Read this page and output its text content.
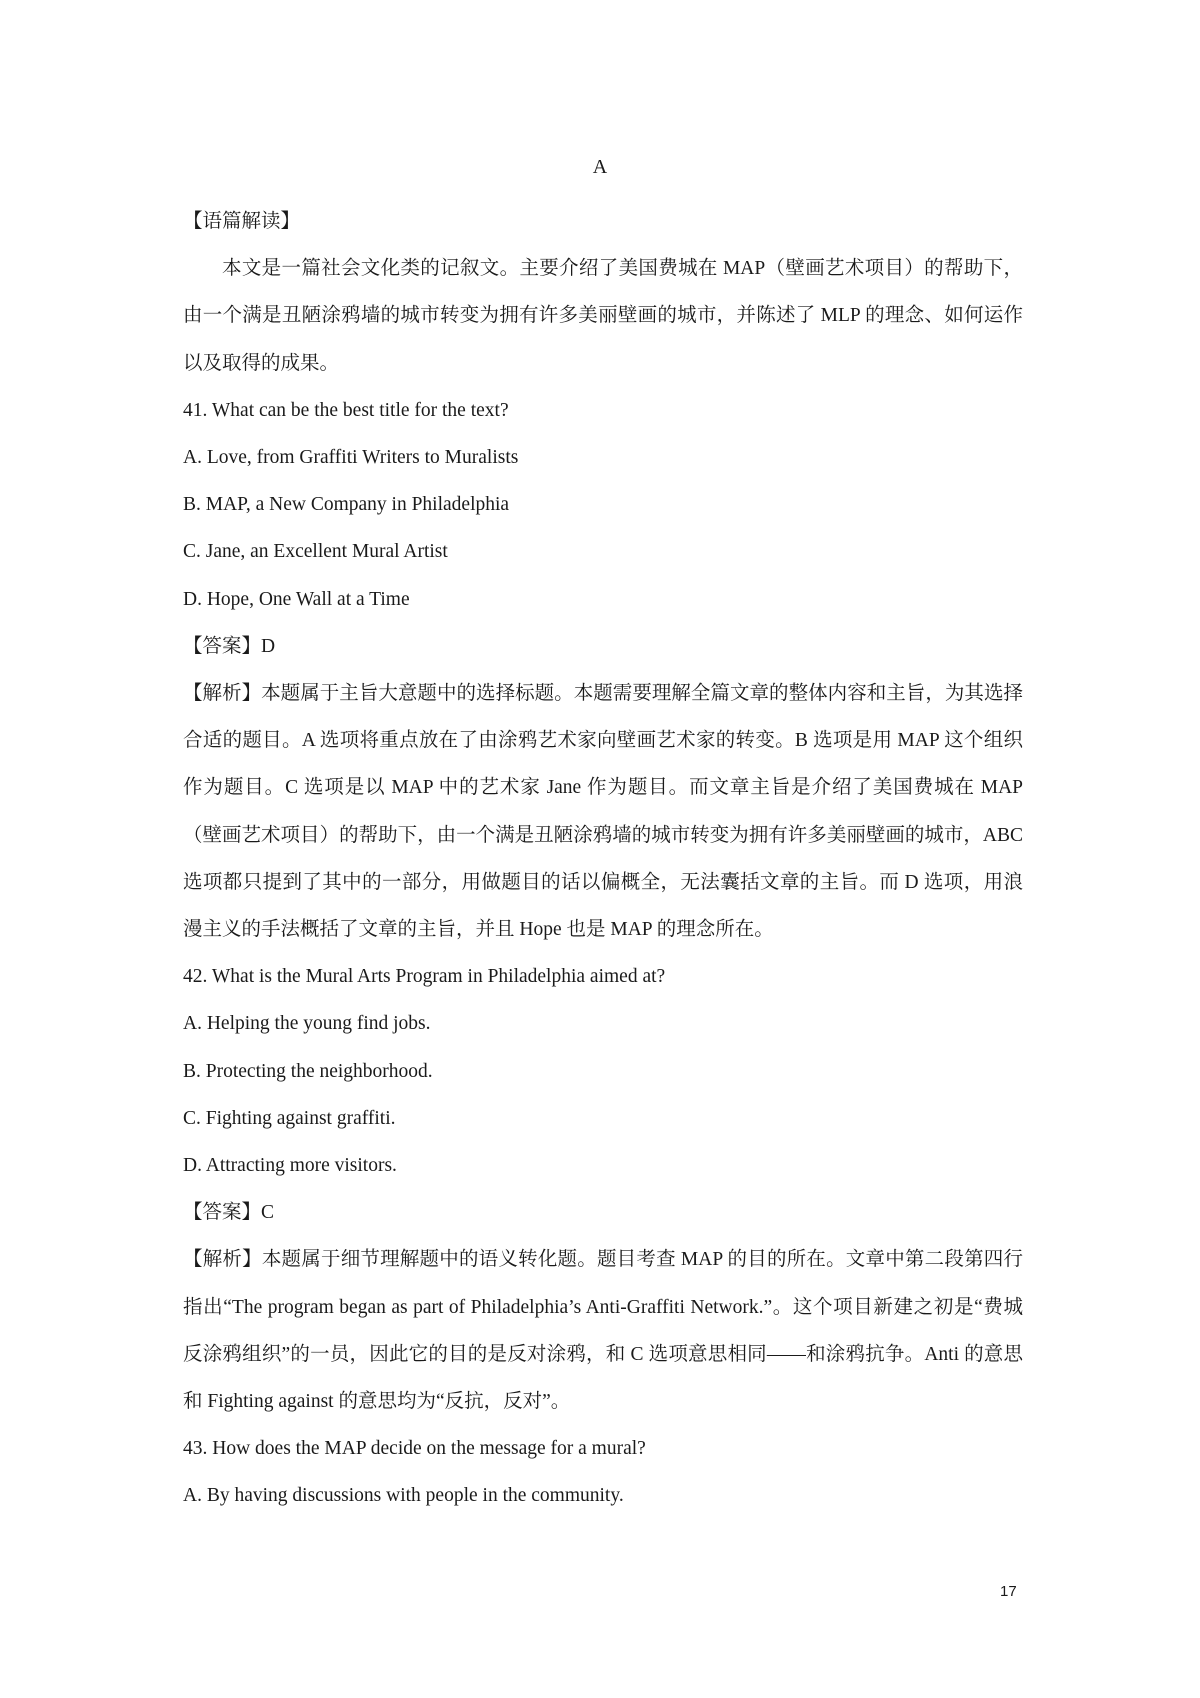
A
【语篇解读】
本文是一篇社会文化类的记叙文。主要介绍了美国费城在 MAP（壁画艺术项目）的帮助下，由一个满是丑陋涂鸦墙的城市转变为拥有许多美丽壁画的城市，并陈述了 MLP 的理念、如何运作以及取得的成果。
41. What can be the best title for the text?
A. Love, from Graffiti Writers to Muralists
B. MAP, a New Company in Philadelphia
C. Jane, an Excellent Mural Artist
D. Hope, One Wall at a Time
【答案】D
【解析】本题属于主旨大意题中的选择标题。本题需要理解全篇文章的整体内容和主旨，为其选择合适的题目。A 选项将重点放在了由涂鸦艺术家向壁画艺术家的转变。B 选项是用 MAP 这个组织作为题目。C 选项是以 MAP 中的艺术家 Jane 作为题目。而文章主旨是介绍了美国费城在 MAP（壁画艺术项目）的帮助下，由一个满是丑陋涂鸦墙的城市转变为拥有许多美丽壁画的城市，ABC 选项都只提到了其中的一部分，用做题目的话以偏概全，无法囊括文章的主旨。而 D 选项，用浪漫主义的手法概括了文章的主旨，并且 Hope 也是 MAP 的理念所在。
42. What is the Mural Arts Program in Philadelphia aimed at?
A. Helping the young find jobs.
B. Protecting the neighborhood.
C. Fighting against graffiti.
D. Attracting more visitors.
【答案】C
【解析】本题属于细节理解题中的语义转化题。题目考查 MAP 的目的所在。文章中第二段第四行指出“The program began as part of Philadelphia’s Anti-Graffiti Network.”。这个项目新建之初是“费城反涂鸦组织”的一员，因此它的目的是反对涂鸦，和 C 选项意思相同——和涂鸦抗争。Anti 的意思和 Fighting against 的意思均为“反抗，反对”。
43. How does the MAP decide on the message for a mural?
A. By having discussions with people in the community.
17
